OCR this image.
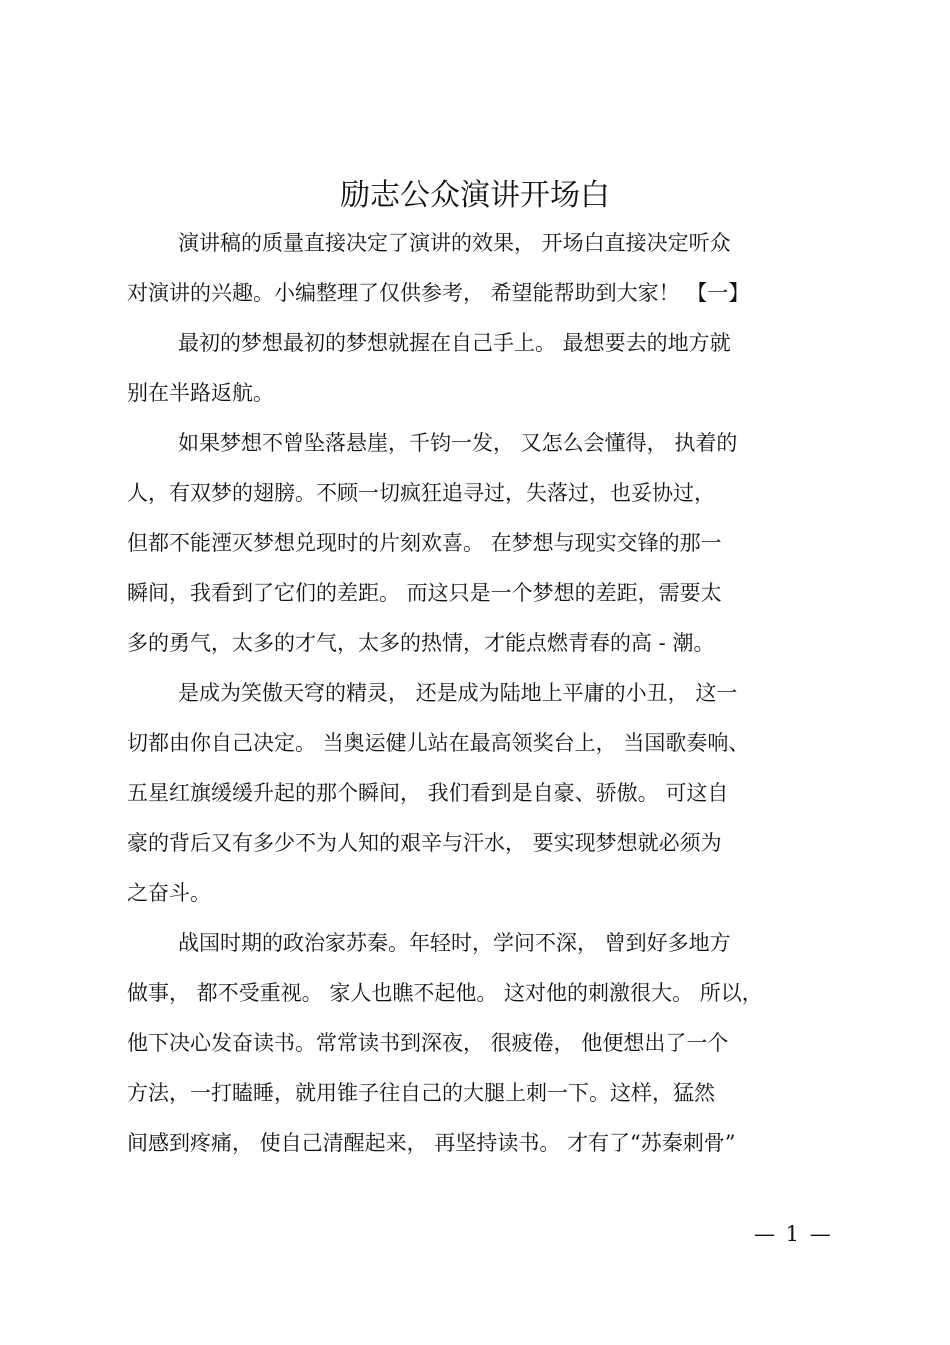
励志公众演讲开场白
演讲稿的质量直接决定了演讲的效果， 开场白直接决定听众
对演讲的兴趣。小编整理了仅供参考， 希望能帮助到大家！ 【一】
最初的梦想最初的梦想就握在自己手上。 最想要去的地方就
别在半路返航。
如果梦想不曾坠落悬崖，千钧一发， 又怎么会懂得， 执着的
人，有双梦的翅膀。不顾一切疯狂追寻过，失落过，也妥协过，
但都不能湮灭梦想兑现时的片刻欢喜。 在梦想与现实交锋的那一
瞬间，我看到了它们的差距。 而这只是一个梦想的差距，需要太
多的勇气，太多的才气，太多的热情，才能点燃青春的高 - 潮。
是成为笑傲天穹的精灵， 还是成为陆地上平庸的小丑， 这一
切都由你自己决定。 当奥运健儿站在最高领奖台上， 当国歌奏响、
五星红旗缓缓升起的那个瞬间， 我们看到是自豪、骄傲。 可这自
豪的背后又有多少不为人知的艰辛与汗水， 要实现梦想就必须为
之奋斗。
战国时期的政治家苏秦。年轻时，学问不深， 曾到好多地方
做事， 都不受重视。 家人也瞧不起他。 这对他的刺激很大。 所以，
他下决心发奋读书。常常读书到深夜， 很疲倦， 他便想出了一个
方法，一打瞌睡，就用锥子往自己的大腿上刺一下。这样，猛然
间感到疼痛， 使自己清醒起来， 再坚持读书。 才有了“苏秦刺骨”
— 1 —
